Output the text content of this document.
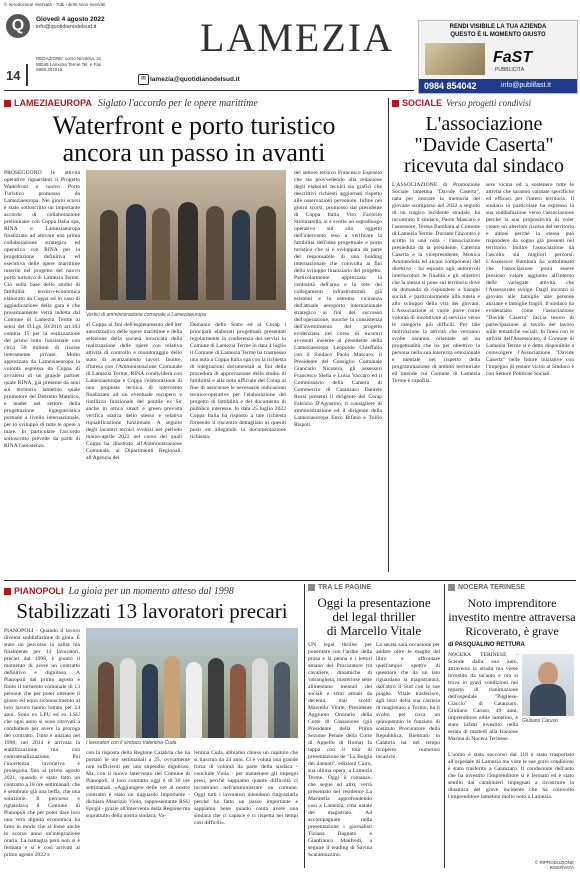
© riproduzione riservata - Tutti i diritti sono riservati
Q	Giovedì 4 agosto 2022
info@quotidianodelsud.it	LAMEZIA
14
REDAZIONE: corso Nicotera, 31 88046 Lamezia Terme Tel. e Fax 0968.201015
lamezia@quotidianodelsud.it
✉
RENDI VISIBILE LA TUA AZIENDA
QUESTO È IL MOMENTO GIUSTO
FaST
PUBBLICITÀ
0984 854042	info@publifast.it
LAMEZIAEUROPA Siglato l'accordo per le opere marittime
Waterfront e porto turistico
ancora un passo in avanti
PROSEGUONO le attività operative riguardanti il Progetto Waterfront e nuovo Porto Turistico promosso da Lameziaeuropa. Nei giorni scorsi è stato sottoscritto un importante accordo di collaborazione preliminare con Coppa Italia spa, RINA e Lameziaeuropa finalizzato ad attivare una prima collaborazione strategica ed operativa con RINA per la progettazione definitiva ed esecutiva delle opere marittime inserite nel progetto del nuovo porto turistico di Lamezia Terme. Ciò sulla base dello studio di fattibilità tecnico-economica elaborato da Coppa ed in caso di aggiudicazione della gara e che prossimamente verrà indetta dal Comune di Lamezia Terme ai sensi del D.Lgs 50/2016 art.183 comma 15 per la realizzazione del primo lotto funzionale con circa 50 milioni di risorse interamente private. Molto apprezzata da Lameziaeuropa la volontà espressa da Coppa di avvalersi di un grande partner quale RINA, già presente da anni sul territorio lametino quale promotore del Distretto Matelico, e leader nel settore della progettazione ingegneristica portuale a livello internazionale, per lo sviluppo di tutte le opere a mare. In particolare l'accordo sottoscritto prevede da parte di RINA l'assistenza
Vertici di amministrazione comunale e Lameziaeuropa
ai Coppa ai fini dell'espletamento dell'iter autorizzativo delle opere marittime e della selezione della società incaricata della realizzazione delle opere con relativa attività di controllo e monitoraggio dello stato di avanzamento lavori. Inoltre, d'intesa con l'Amministrazione Comunale di Lamezia Terme, RINA condividerà con Lameziaeuropa e Coppa l'elaborazione di una proposta tecnica di intervento finalizzata ad un eventuale recupero e riutilizzo funzionale del pontile ex Sir anche in ottica smart e green prevista verifica statica dello stesso e relativa riqualificazione funzionale. A seguito degli incontri tecnici svoltisi nel periodo marzo-aprile 2022 nel corso dei quali Coppa ha illustrato all'Amministrazione Comunale, ai Dipartimenti Regionali, all'Agenzia del
Demanio dello Stato ed al Corap i principali elaborati progettuali presentati regolarmente in conferenza dei servizi in Comune di Lamezia Terme in data 4 luglio il Comune di Lamezia Terme ha trasmesso una nota a Coppa Italia spa con la richiesta di integrazioni documentali ai fini della procedura di approvazione dello studio di fattibilità e alla nota ufficiale del Corap al fine di assicurare le necessarie indicazioni tecnico-operative per l'elaborazione del progetto di fattibilità e del documento di pubblico interesse. In data 25 luglio 2022 Coppa Italia ha risposto a tale richiesta fornendo il riscontro dettagliato ai quesiti posti ed allegando la documentazione richiesta.
del settore tecnico Francesco Esposito che sta provvedendo alla redazione degli elaborati tecnici sia grafici che descrittivi richiesti aggiornati rispetto alle osservazioni pervenute. Infine nei giorni scorsi, promosso dal presidente di Coppa Italia Vito Favorito Stimmatella, si è svolto un sopralluogo operativo sul sito oggetto dell'intervento teso a verificare la fattibilità dell'idea progettuale e porto turistico che si è sviluppata da parte del responsabile di una holding internazionale che coinvolta ai fini dello sviluppo finanziario del progetto. Particolarmente apprezzata la centralità dell'area e la rete dei collegamenti infrastrutturali già esistenti e la estrema vicinanza dell'attuale aeroporto internazionale strategico ai fini del successo dell'operazione, nonché la consistenza dell'investimento del progetto evidenziata nel corso di incontri avvenuti insieme al presidente della Lameziaeuropa Leopoldo Chieffallo con il Sindaco Paolo Mascaro, il Presidente del Consiglio Comunale Giancarlo Nicotera, gli assessori Francesco Stella e Luisa Vaccaro ed il Commissario della Camera di Commercio di Catanzaro Daniele Rossi presenti il dirigente del Corap Fabrizio D'Agostino, il consigliere di amministrazione ed il dirigente della Lameziaeuropa Enzo Bifano e Tullio Rispoli.
SOCIALE Verso progetti condivisi
L'associazione
"Davide Caserta"
ricevuta dal sindaco
L'ASSOCIAZIONE di Promozione Sociale lametina "Davide Caserta", nata per onorare la memoria del giovane scomparso nel 2022 a seguito di un tragico incidente stradale, ha incontrato il sindaco, Paolo Mascaro e l'assessore, Teresa Bambara al Comune di Lamezia Terme. Durante l'incontro è scritto in una nota - l'associazione presieduta da la presidente, Caterina Caserta e la vicepresidente, Monica Ammendola ed alcuni componenti del direttivo - ha esposto agli autorevoli interlocutori le finalità e gli obiettivi che la stessa si pone sul territorio dove da domanda di rispondere a bisogni sociali e particolarmente alla tutela e allo sviluppo della vita dei giovani. L'Associazione si vuole porre come volontà di incentivare al servizio verso le categorie più difficili. Per tale motivazione la attività che verranno svolte saranno orientate ad un progettualità che ha per obiettivo la persona nella sua interezza emozionale e mentale nel rispetto della programmazione di ambito territoriale ed intende cui Comune di Lamezia Terme è capofila.
sere vicina ed a sostenere tutte le attività che saranno valutate specifiche ed efficaci per l'intero territorio. Il sindaco in particolare ha espresso la sua soddisfazione verso l'associazione perché la sua propositività di voler creare un ulteriore risorsa del territorio e altresì perché la stessa può rispondere da sogno già presenti nel territorio. Inoltre l'associazione da l'ascolto sui migliori percorsi. L'Assessore Bambara ha sottolineato che l'associazione potrà essere prezioso valore aggiunto all'interno delle variegate attività che l'Assessorato svolge. Dagli incontri si giovani alle famiglie alle persone anziane e famiglie fragili. Il sindaco ha evidenziato come l'associazione "Davide Caserta" faccia tesoro di partecipazione al tavolo del lavoro sulle tematiche sociali. In linea con le attività dell'Assessorato, il Comune di Lamezia Terme si è detto disponibile a coinvolgere l'Associazione "Davide Caserta" nelle future iniziative con l'impegno di restare vicini al Sindaco e con Settore Politiche Sociali.
PIANOPOLI La gioia per un momento atteso dal 1998
Stabilizzati 13 lavoratori precari
PIANOPOLI - Quando il lavoro diventa soddisfazione di gioia. È stato un percorso in salita ma finalmente per 13 lavoratori, precari dal 1998, è giunto il momento di avere un contratto definitivo e dignitoso. A Pianopoli dal primo agosto è finito il tormento comunale di 13 persone che per poter ottenere il giusto ed equo riconoscimento al loro lavoro hanno lottato per 24 anni. Sono ex LPU ed ex LSU che ogni anno si sono ritrovati a combattere per avere la proroga del contratto. Tutto è iniziato nel 1998; nel 2014 è arrivata la stabilizzazione ma con contrattualizzazione. Poi l'incertezza lavorativa è proseguita fino al primo agosto 2021, quando è stato fatto un contratto a 18 ore settimanali, che è sembrato già una beffa, che una soluzione. Il percorso e riguardava il Comune di Pianopoli che per poter dare loro una vera dignità economica ha fatto in modo che si fosse anche lo scorso anno un'integrazione oraria. La battaglia però non si è fermata e si è così arrivati al primo agosto 2022 e
I lavoratori con il sindaco Valentina Cuda
con la risposta della Regione Calabria che ha portato le ore settimanali a 25, ovviamente non sufficienti per uno stipendio dignitoso. Ma, con il nuovo intervento del Comune di Pianopoli, il loro contratto oggi è di 30 ore settimanali. «Aggiungere delle ore al nostro contratto è stato un traguardo importante - dichiara Maurizio Viola, rappresentante RSU Fpcgil - grazie all'intervento della Regione ma soprattutto della nostra sindaca, Va-
lentina Cuda, abbiamo chiuso un capitolo che si trascina da 24 anni. Ci è voluta una grande forza di volontà da parte della sindaca - conclude Viola - per mantenere gli impegni presi, perché sappiamo quante difficoltà ci incontrano nell'amministrare un comune. Oggi tutti i lavoratori intendono ringraziarla perché ha fatto un passo importante e sappiamo bene quanto conta avere una sindaca che ci capisce e ci rispetta nei tempi così difficili».
TRA LE PAGINE
Oggi la presentazione
del legal thriller
di Marcello Vitale
UN legal thriller per ponentare con l'ardire della prosa e la penna e i lettori amano del Procuratore tra cavaliere, dinamiche di 'ndrangheta, misteriose sette alimentano mentali dei sociali e temi attuali da decenni, mai scelti: Marcello Vitale, Presidente Aggiunto Onorario della Corte di Cassazione (già Presidente della Prima Sezione Penale della Corte di Appello di Roma) fa tappa con il tour di presentazione de "La Bolgia dei dannati", edizioni Cairo, sua ultima opera, a Lamezia Terme. Oggi il romanzo, che segue ad altri, verrà presentato nel residence La Marinella approfondendo così a Lamezia, città natale del magistrato. Ad accompagnare nella presentazione i giornalisti Tiziana Bagnato e Gianfranco Manfredi, a seguire il reading di Savina Scaramuzzino.
La serata sarà occasione per andare oltre le maglie del libro e affrontare quell'ampio spettro di questioni che da un lato riguardano la magistratura, dall'altro il Sud con le sue piaghe. Vitale trasferisce, agli inizi della sua carriera di magistrato a Torino, ha lì svolto per circa un quinquennio le funzioni di sostituto Procuratore della Repubblica. Rientrato in Calabria ha nel tempo ricoperto numerosi incarichi.
NOCERA TERINESE
Noto imprenditore
investito mentre attraversa
Ricoverato, è grave
di PASQUALINO RETTURA
NOCERA TERINESE - Scende dalla sua auto, attraversa la strada ma viene investito da un'auto e ora si trova in gravi condizioni nel reparto di rianimazione dell'ospedale "Pugliese-Ciaccio" di Catanzaro. Giuliano Caruso, 49 anni, imprenditore edile lametino, è stato infatti investito nella serata di martedì alla frazione Marina di Nocera Terinese.
Giuliano Caruso
L'uomo è stato soccorso dal 118 è stato trasportato all'ospedale di Lamezia ma viste le sue gravi condizioni è stato trasferito a Catanzaro. Il conducente dell'auto che ha investito l'imprenditore si è fermato ed è stato sentito dai carabinieri impegnati a ricostruire la dinamica del grave incidente che ha coinvolto l'imprenditore lametino molto noto a Lamezia.
© RIPRODUZIONE RISERVATA
